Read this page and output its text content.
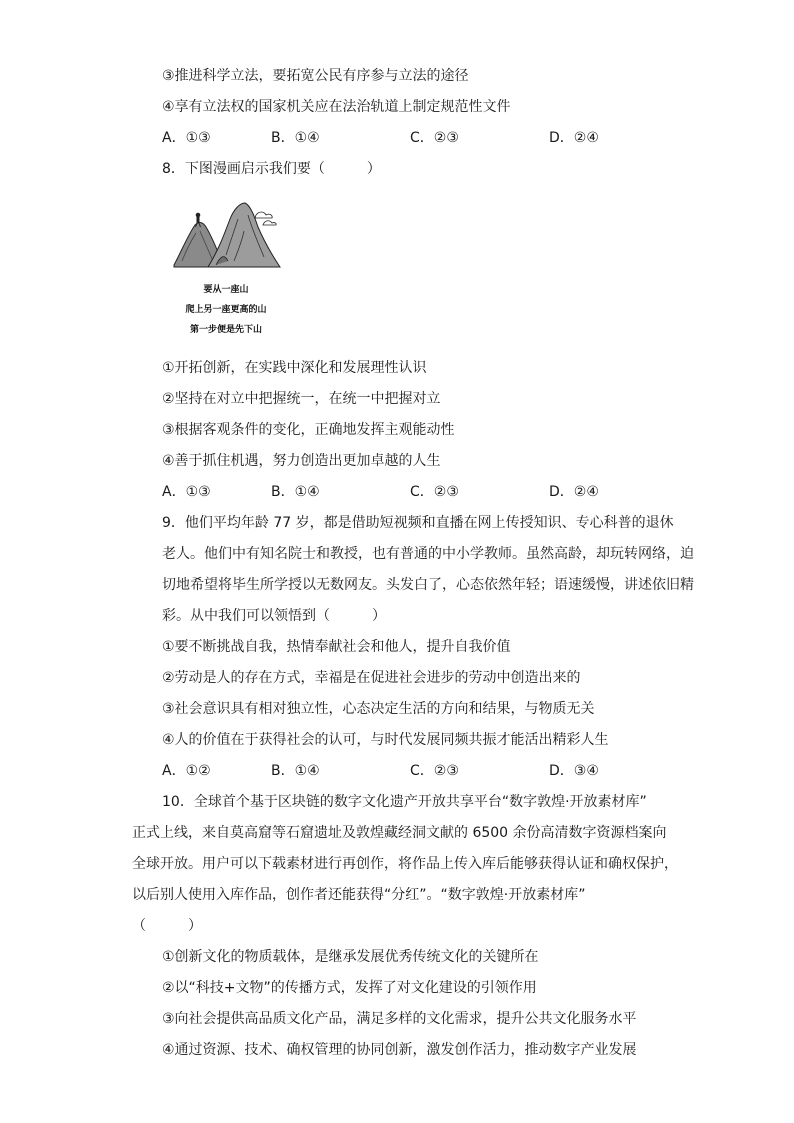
③推进科学立法，要拓宽公民有序参与立法的途径
④享有立法权的国家机关应在法治轨道上制定规范性文件
A．①③	B．①④	C．②③	D．②④
8．下图漫画启示我们要（　　　）
要从一座山
爬上另一座更高的山
第一步便是先下山
①开拓创新，在实践中深化和发展理性认识
②坚持在对立中把握统一，在统一中把握对立
③根据客观条件的变化，正确地发挥主观能动性
④善于抓住机遇，努力创造出更加卓越的人生
A．①③	B．①④	C．②③	D．②④
9．他们平均年龄 77 岁，都是借助短视频和直播在网上传授知识、专心科普的退休
老人。他们中有知名院士和教授，也有普通的中小学教师。虽然高龄，却玩转网络，迫
切地希望将毕生所学授以无数网友。头发白了，心态依然年轻；语速缓慢，讲述依旧精
彩。从中我们可以领悟到（　　　）
①要不断挑战自我，热情奉献社会和他人，提升自我价值
②劳动是人的存在方式，幸福是在促进社会进步的劳动中创造出来的
③社会意识具有相对独立性，心态决定生活的方向和结果，与物质无关
④人的价值在于获得社会的认可，与时代发展同频共振才能活出精彩人生
A．①②	B．①④	C．②③	D．③④
10．全球首个基于区块链的数字文化遗产开放共享平台“数字敦煌·开放素材库”
正式上线，来自莫高窟等石窟遗址及敦煌藏经洞文献的 6500 余份高清数字资源档案向
全球开放。用户可以下载素材进行再创作，将作品上传入库后能够获得认证和确权保护，
以后别人使用入库作品，创作者还能获得“分红”。“数字敦煌·开放素材库”
（　　　）
①创新文化的物质载体，是继承发展优秀传统文化的关键所在
②以“科技+文物”的传播方式，发挥了对文化建设的引领作用
③向社会提供高品质文化产品，满足多样的文化需求，提升公共文化服务水平
④通过资源、技术、确权管理的协同创新，激发创作活力，推动数字产业发展
